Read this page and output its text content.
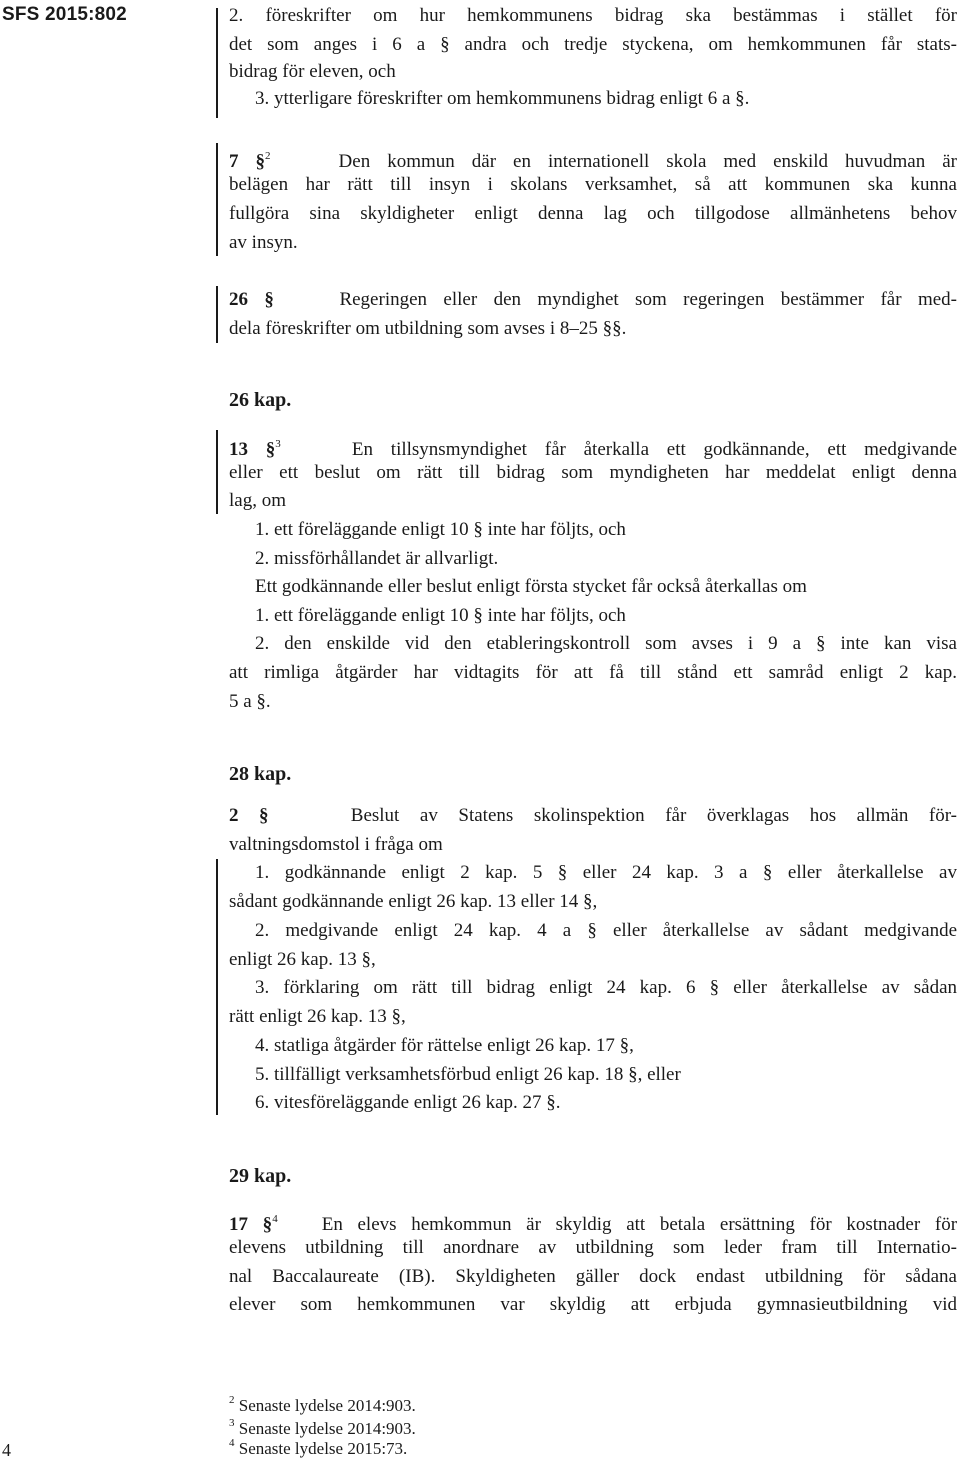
SFS 2015:802	2. föreskrifter om hur hemkommunens bidrag ska bestämmas i stället för
det som anges i 6 a § andra och tredje styckena, om hemkommunen får stats-
bidrag för eleven, och
3. ytterligare föreskrifter om hemkommunens bidrag enligt 6 a §.
7 §$^2$	Den kommun där en internationell skola med enskild huvudman är
belägen har rätt till insyn i skolans verksamhet, så att kommunen ska kunna
fullgöra sina skyldigheter enligt denna lag och tillgodose allmänhetens behov
av insyn.
26 §	Regeringen eller den myndighet som regeringen bestämmer får med-
dela föreskrifter om utbildning som avses i 8–25 §§.
26 kap.
13 §$^3$	En tillsynsmyndighet får återkalla ett godkännande, ett medgivande
eller ett beslut om rätt till bidrag som myndigheten har meddelat enligt denna
lag, om
1. ett föreläggande enligt 10 § inte har följts, och
2. missförhållandet är allvarligt.
Ett godkännande eller beslut enligt första stycket får också återkallas om
1. ett föreläggande enligt 10 § inte har följts, och
2. den enskilde vid den etableringskontroll som avses i 9 a § inte kan visa
att rimliga åtgärder har vidtagits för att få till stånd ett samråd enligt 2 kap.
5 a §.
28 kap.
2 §	Beslut av Statens skolinspektion får överklagas hos allmän för-
valtningsdomstol i fråga om
1. godkännande enligt 2 kap. 5 § eller 24 kap. 3 a § eller återkallelse av
sådant godkännande enligt 26 kap. 13 eller 14 §,
2. medgivande enligt 24 kap. 4 a § eller återkallelse av sådant medgivande
enligt 26 kap. 13 §,
3. förklaring om rätt till bidrag enligt 24 kap. 6 § eller återkallelse av sådan
rätt enligt 26 kap. 13 §,
4. statliga åtgärder för rättelse enligt 26 kap. 17 §,
5. tillfälligt verksamhetsförbud enligt 26 kap. 18 §, eller
6. vitesföreläggande enligt 26 kap. 27 §.
29 kap.
17 §$^4$ En elevs hemkommun är skyldig att betala ersättning för kostnader för
elevens utbildning till anordnare av utbildning som leder fram till Internatio-
nal Baccalaureate (IB). Skyldigheten gäller dock endast utbildning för sådana
elever som hemkommunen var skyldig att erbjuda gymnasieutbildning vid
$^2$ Senaste lydelse 2014:903.
$^3$ Senaste lydelse 2014:903.
$^4$ Senaste lydelse 2015:73.
4
